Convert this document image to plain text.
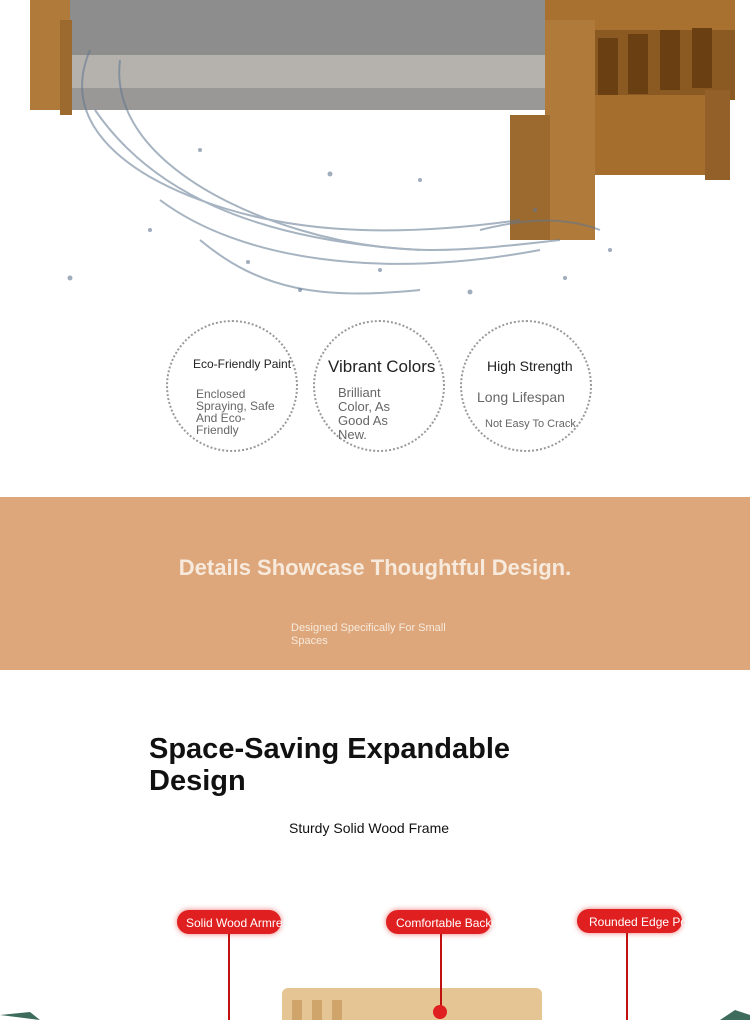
Eco-Friendly Paint
Enclosed Spraying, Safe And Eco-Friendly
Vibrant Colors
Brilliant Color, As Good As New.
High Strength
Long Lifespan
Not Easy To Crack
Details Showcase Thoughtful Design.
Designed Specifically For Small Spaces
Space-Saving Expandable Design
Sturdy Solid Wood Frame
Solid Wood Armrests	Comfortable Backrest	Rounded Edge Polishing
